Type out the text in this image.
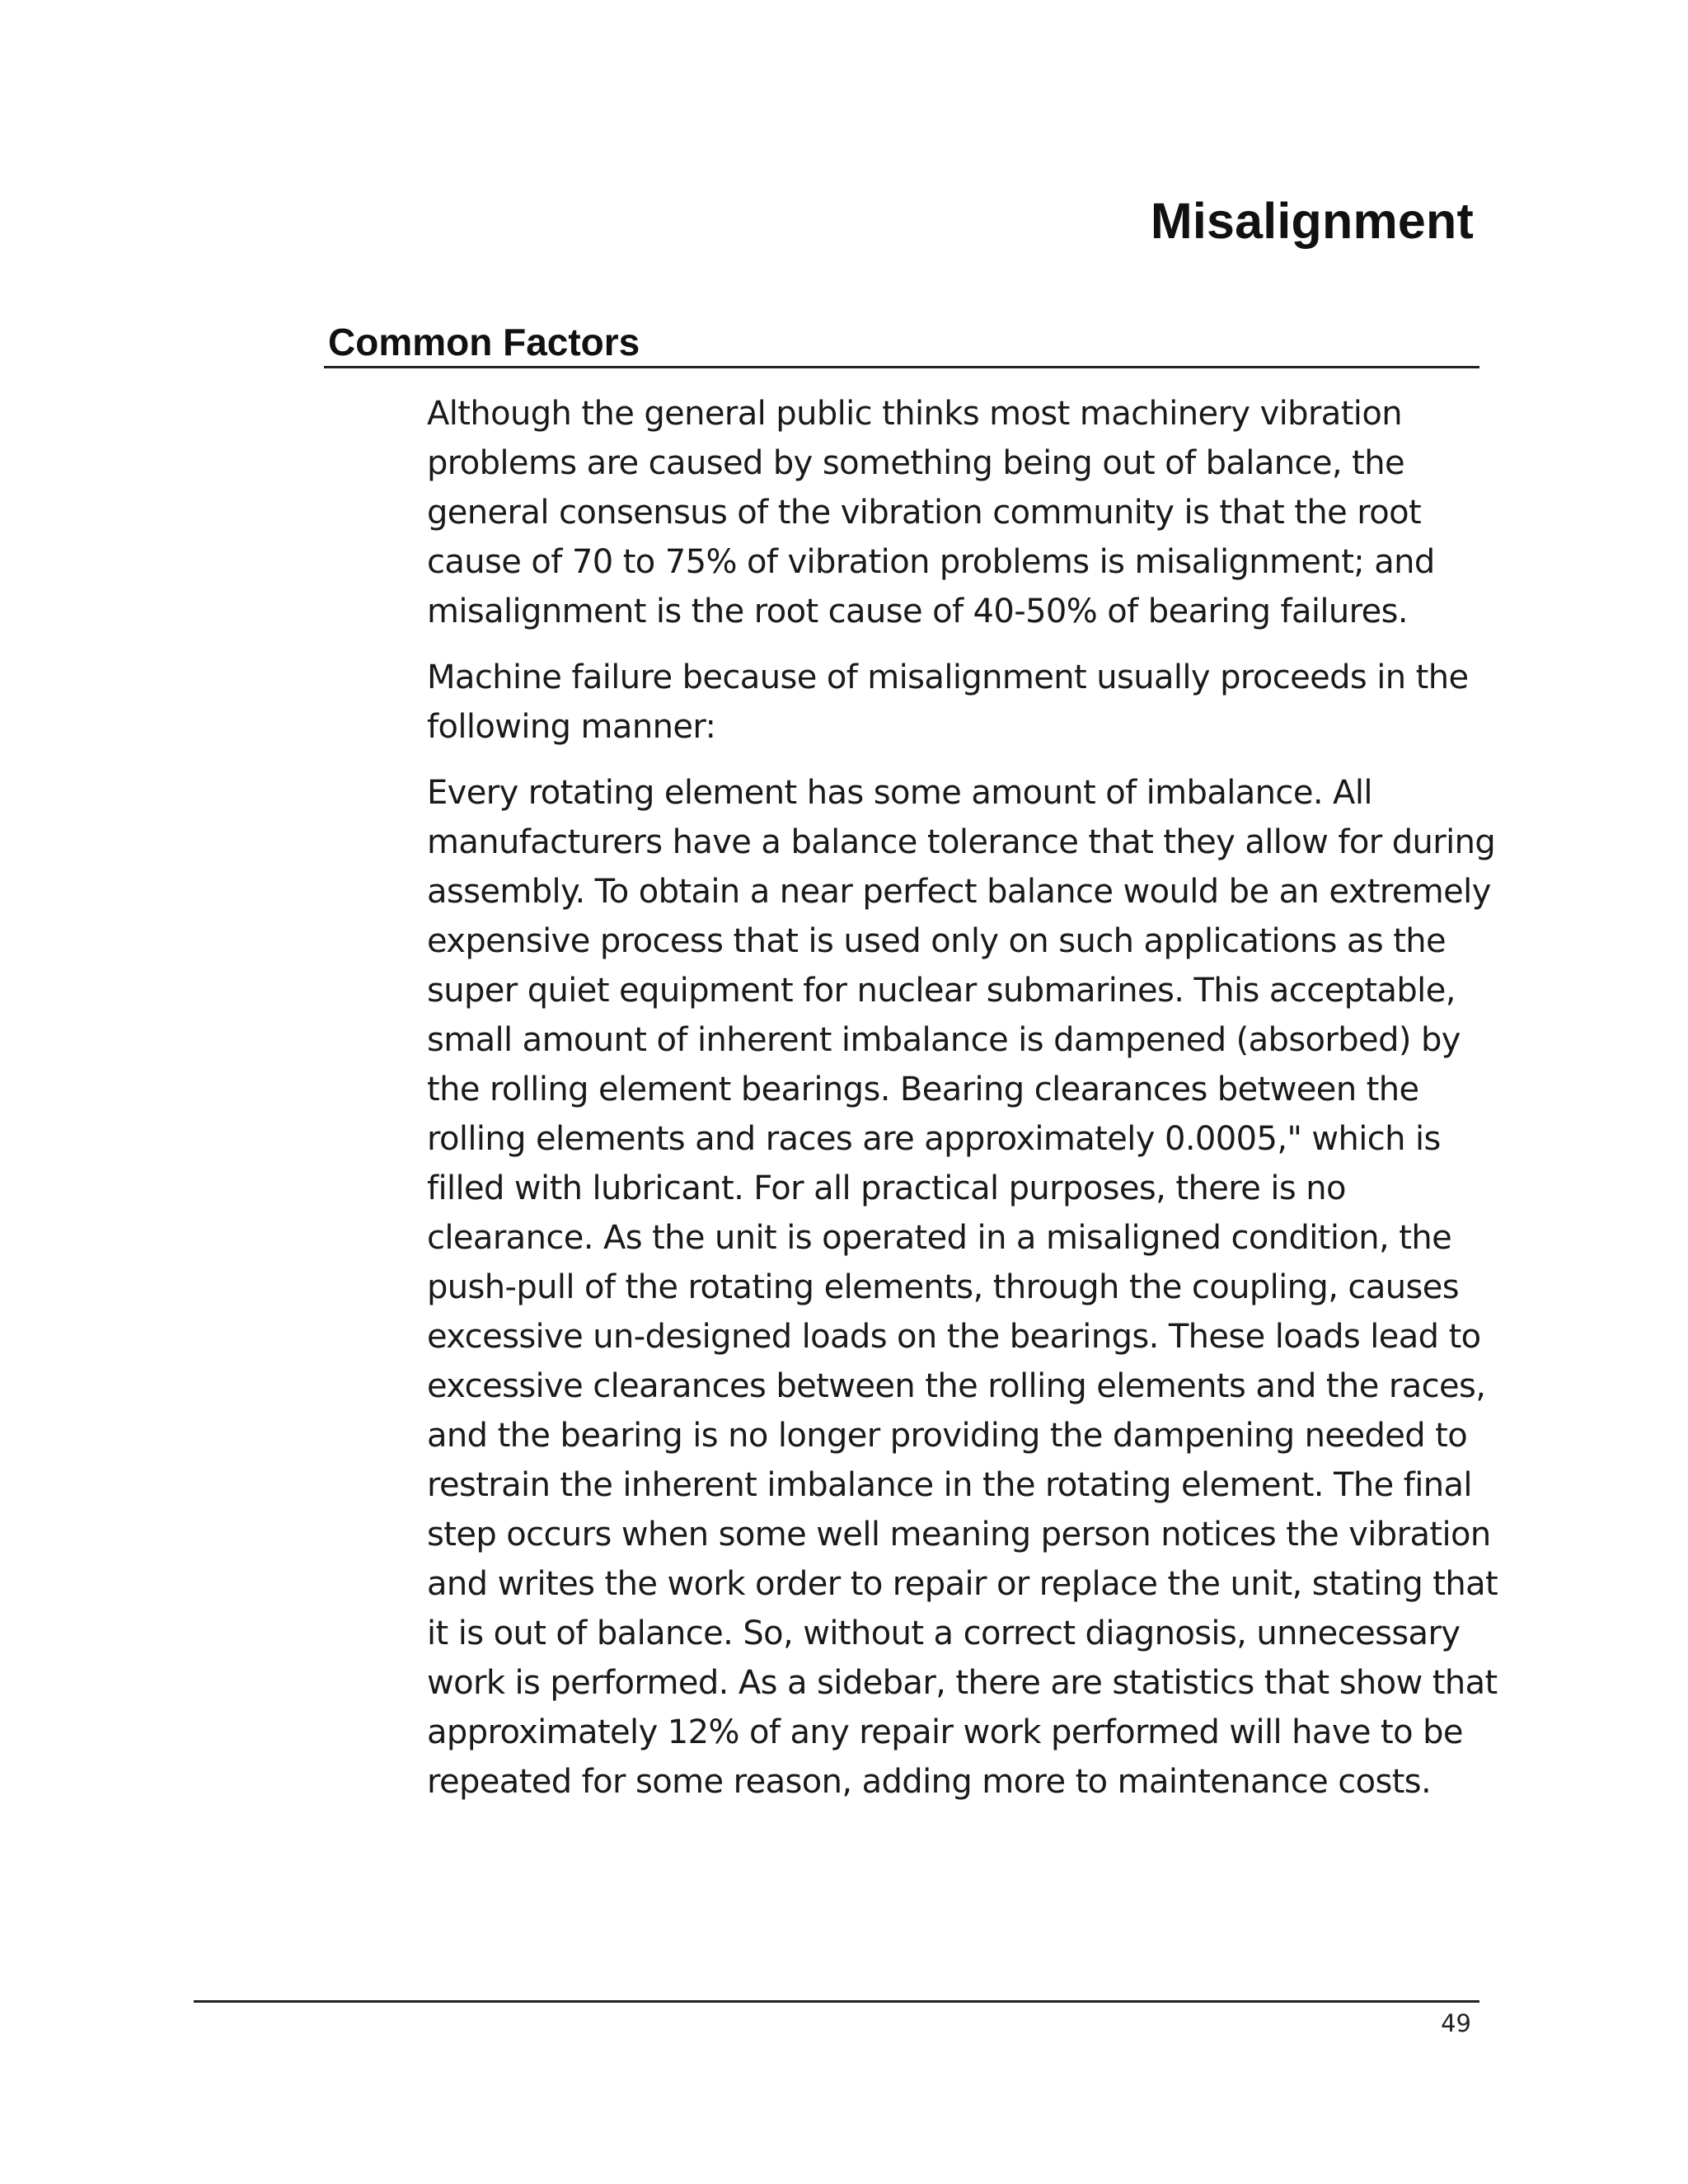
Misalignment
Common Factors

Although the general public thinks most machinery vibration
problems are caused by something being out of balance, the
general consensus of the vibration community is that the root
cause of 70 to 75% of vibration problems is misalignment; and
misalignment is the root cause of 40-50% of bearing failures.

Machine failure because of misalignment usually proceeds in the
following manner:

Every rotating element has some amount of imbalance. All
manufacturers have a balance tolerance that they allow for during
assembly. To obtain a near perfect balance would be an extremely
expensive process that is used only on such applications as the
super quiet equipment for nuclear submarines. This acceptable,
small amount of inherent imbalance is dampened (absorbed) by
the rolling element bearings. Bearing clearances between the
rolling elements and races are approximately 0.0005," which is
filled with lubricant. For all practical purposes, there is no
clearance. As the unit is operated in a misaligned condition, the
push-pull of the rotating elements, through the coupling, causes
excessive un-designed loads on the bearings. These loads lead to
excessive clearances between the rolling elements and the races,
and the bearing is no longer providing the dampening needed to
restrain the inherent imbalance in the rotating element. The final
step occurs when some well meaning person notices the vibration
and writes the work order to repair or replace the unit, stating that
it is out of balance. So, without a correct diagnosis, unnecessary
work is performed. As a sidebar, there are statistics that show that
approximately 12% of any repair work performed will have to be
repeated for some reason, adding more to maintenance costs.

49
